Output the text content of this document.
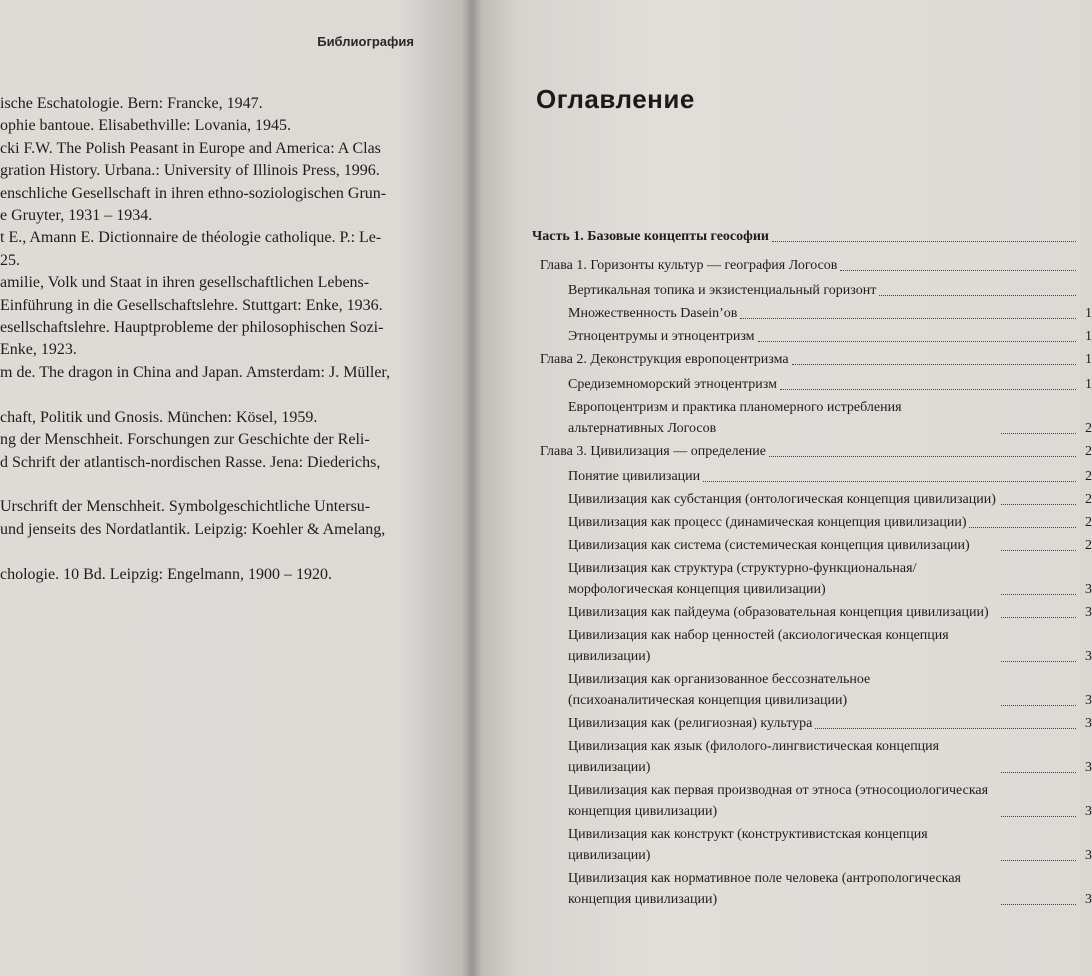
Библиография
ische Eschatologie. Bern: Francke, 1947.
ophie bantoue. Elisabethville: Lovania, 1945.
cki F.W. The Polish Peasant in Europe and America: A Clas
gration History. Urbana.: University of Illinois Press, 1996.
enschliche Gesellschaft in ihren ethno-soziologischen Grun-
e Gruyter, 1931 – 1934.
t E., Amann E. Dictionnaire de théologie catholique. P.: Le-
25.
amilie, Volk und Staat in ihren gesellschaftlichen Lebens-
Einführung in die Gesellschaftslehre. Stuttgart: Enke, 1936.
esellschaftslehre. Hauptprobleme der philosophischen Sozi-
Enke, 1923.
m de. The dragon in China and Japan. Amsterdam: J. Müller,

chaft, Politik und Gnosis. München: Kösel, 1959.
ng der Menschheit. Forschungen zur Geschichte der Reli-
d Schrift der atlantisch-nordischen Rasse. Jena: Diederichs,

Urschrift der Menschheit. Symbolgeschichtliche Untersu-
und jenseits des Nordatlantik. Leipzig: Koehler & Amelang,

chologie. 10 Bd. Leipzig: Engelmann, 1900 – 1920.
Оглавление
Часть 1. Базовые концепты геософии
Глава 1. Горизонты культур — география Логосов
Вертикальная топика и экзистенциальный горизонт
Множественность Dasein’ов	1
Этноцентрумы и этноцентризм	1
Глава 2. Деконструкция европоцентризма	1
Средиземноморский этноцентризм	1
Европоцентризм и практика планомерного истребления альтернативных Логосов	2
Глава 3. Цивилизация — определение	2
Понятие цивилизации	2
Цивилизация как субстанция (онтологическая концепция цивилизации)	2
Цивилизация как процесс (динамическая концепция цивилизации)	2
Цивилизация как система (системическая концепция цивилизации)	2
Цивилизация как структура (структурно-функциональная/ морфологическая концепция цивилизации)	3
Цивилизация как пайдеума (образовательная концепция цивилизации)	3
Цивилизация как набор ценностей (аксиологическая концепция цивилизации)	3
Цивилизация как организованное бессознательное (психоаналитическая концепция цивилизации)	3
Цивилизация как (религиозная) культура	3
Цивилизация как язык (филолого-лингвистическая концепция цивилизации)	3
Цивилизация как первая производная от этноса (этносоциологическая концепция цивилизации)	3
Цивилизация как конструкт (конструктивистская концепция цивилизации)	3
Цивилизация как нормативное поле человека (антропологическая концепция цивилизации)	3
